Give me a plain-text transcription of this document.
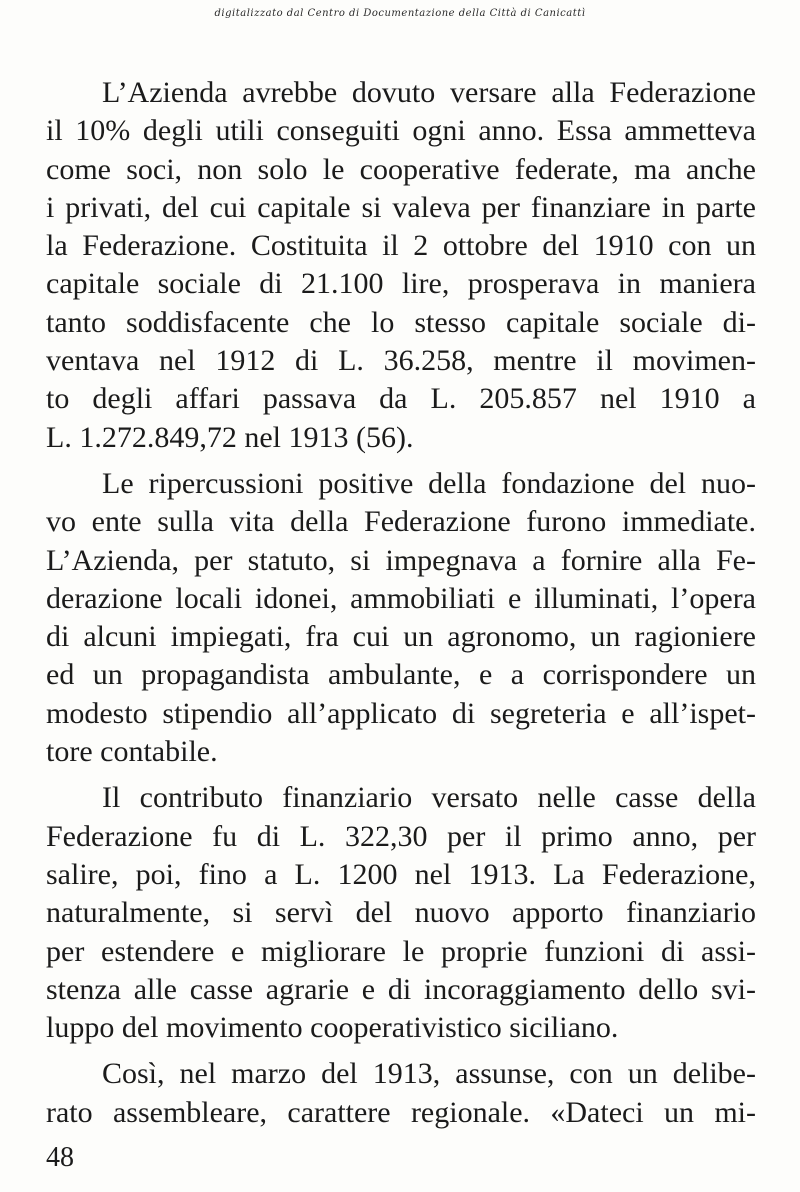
digitalizzato dal Centro di Documentazione della Città di Canicattì
L’Azienda avrebbe dovuto versare alla Federazione
il 10% degli utili conseguiti ogni anno. Essa ammetteva
come soci, non solo le cooperative federate, ma anche
i privati, del cui capitale si valeva per finanziare in parte
la Federazione. Costituita il 2 ottobre del 1910 con un
capitale sociale di 21.100 lire, prosperava in maniera
tanto soddisfacente che lo stesso capitale sociale di-
ventava nel 1912 di L. 36.258, mentre il movimen-
to degli affari passava da L. 205.857 nel 1910 a
L. 1.272.849,72 nel 1913 (56).
Le ripercussioni positive della fondazione del nuo-
vo ente sulla vita della Federazione furono immediate.
L’Azienda, per statuto, si impegnava a fornire alla Fe-
derazione locali idonei, ammobiliati e illuminati, l’opera
di alcuni impiegati, fra cui un agronomo, un ragioniere
ed un propagandista ambulante, e a corrispondere un
modesto stipendio all’applicato di segreteria e all’ispet-
tore contabile.
Il contributo finanziario versato nelle casse della
Federazione fu di L. 322,30 per il primo anno, per
salire, poi, fino a L. 1200 nel 1913. La Federazione,
naturalmente, si servì del nuovo apporto finanziario
per estendere e migliorare le proprie funzioni di assi-
stenza alle casse agrarie e di incoraggiamento dello svi-
luppo del movimento cooperativistico siciliano.
Così, nel marzo del 1913, assunse, con un delibe-
rato assembleare, carattere regionale. «Dateci un mi-
48
